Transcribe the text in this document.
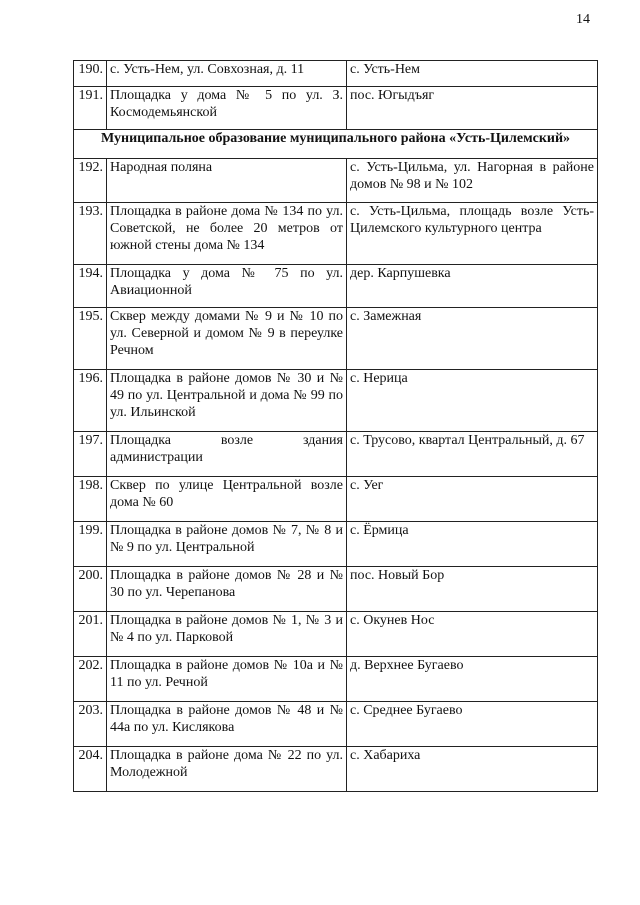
14
190.	с. Усть-Нем, ул. Совхозная, д. 11	с. Усть-Нем
191.	Площадка у дома № 5 по ул. З. Космодемьянской	пос. Югыдъяг
Муниципальное образование муниципального района «Усть-Цилемский»		
192.	Народная поляна	с. Усть-Цильма, ул. Нагорная в районе домов № 98 и № 102
193.	Площадка в районе дома № 134 по ул. Советской, не более 20 метров от южной стены дома № 134	с. Усть-Цильма, площадь возле Усть-Цилемского культурного центра
194.	Площадка у дома № 75 по ул. Авиационной	дер. Карпушевка
195.	Сквер между домами № 9 и № 10 по ул. Северной и домом № 9 в переулке Речном	с. Замежная
196.	Площадка в районе домов № 30 и № 49 по ул. Центральной и дома № 99 по ул. Ильинской	с. Нерица
197.	Площадка возле здания администрации	с. Трусово, квартал Центральный, д. 67
198.	Сквер по улице Центральной возле дома № 60	с. Уег
199.	Площадка в районе домов № 7, № 8 и № 9 по ул. Центральной	с. Ёрмица
200.	Площадка в районе домов № 28 и № 30 по ул. Черепанова	пос. Новый Бор
201.	Площадка в районе домов № 1, № 3 и № 4 по ул. Парковой	с. Окунев Нос
202.	Площадка в районе домов № 10а и № 11 по ул. Речной	д. Верхнее Бугаево
203.	Площадка в районе домов № 48 и № 44а по ул. Кислякова	с. Среднее Бугаево
204.	Площадка в районе дома № 22 по ул. Молодежной	с. Хабариха
